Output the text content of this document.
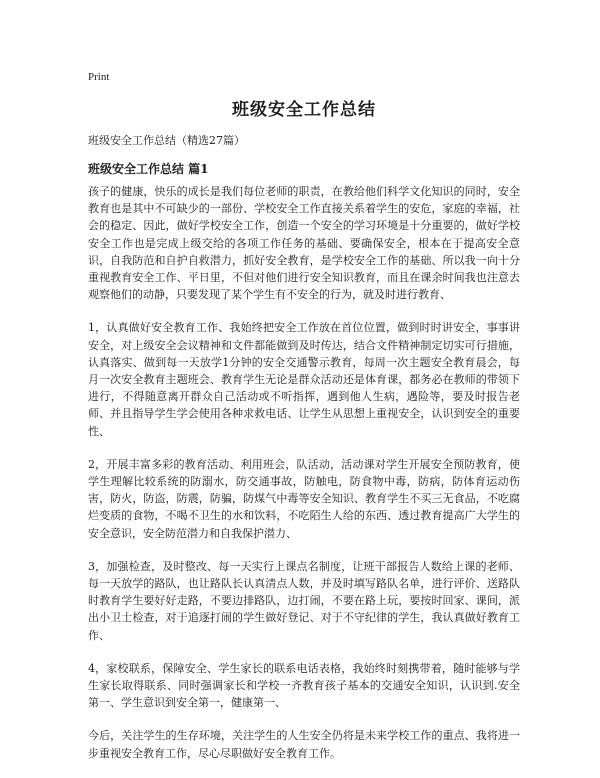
Print
班级安全工作总结
班级安全工作总结（精选27篇）
班级安全工作总结 篇1

孩子的健康，快乐的成长是我们每位老师的职责，在教给他们科学文化知识的同时，安全教育也是其中不可缺少的一部份、学校安全工作直接关系着学生的安危，家庭的幸福，社会的稳定、因此，做好学校安全工作，创造一个安全的学习环境是十分重要的，做好学校安全工作也是完成上级交给的各项工作任务的基础、要确保安全，根本在于提高安全意识，自我防范和自护自救潜力，抓好安全教育，是学校安全工作的基础、所以我一向十分重视教育安全工作、平日里，不但对他们进行安全知识教育，而且在课余时间我也注意去观察他们的动静，只要发现了某个学生有不安全的行为，就及时进行教育、

1，认真做好安全教育工作、我始终把安全工作放在首位位置，做到时时讲安全，事事讲安全，对上级安全会议精神和文件都能做到及时传达，结合文件精神制定切实可行措施，认真落实、做到每一天放学1分钟的安全交通警示教育，每周一次主题安全教育晨会，每月一次安全教育主题班会、教育学生无论是群众活动还是体育课，都务必在教师的带领下进行，不得随意离开群众自己活动或不听指挥，遇到他人生病，遇险等，要及时报告老师、并且指导学生学会使用各种求救电话、让学生从思想上重视安全，认识到安全的重要性、

2，开展丰富多彩的教育活动、利用班会，队活动，活动课对学生开展安全预防教育，使学生理解比较系统的防溺水，防交通事故，防触电，防食物中毒，防病，防体育运动伤害，防火，防盗，防震，防骗，防煤气中毒等安全知识、教育学生不买三无食品，不吃腐烂变质的食物，不喝不卫生的水和饮料，不吃陌生人给的东西、透过教育提高广大学生的安全意识，安全防范潜力和自我保护潜力、

3，加强检查，及时整改、每一天实行上课点名制度，让班干部报告人数给上课的老师、每一天放学的路队，也让路队长认真清点人数，并及时填写路队名单，进行评价、送路队时教育学生要好好走路，不要边排路队，边打闹，不要在路上玩，要按时回家、课间，派出小卫士检查，对于追逐打闹的学生做好登记、对于不守纪律的学生，我认真做好教育工作、

4，家校联系，保障安全、学生家长的联系电话表格，我始终时刻携带着，随时能够与学生家长取得联系、同时强调家长和学校一齐教育孩子基本的交通安全知识，认识到.安全第一、学生意识到安全第一，健康第一、

今后，关注学生的生存环境，关注学生的人生安全仍将是未来学校工作的重点、我将进一步重视安全教育工作，尽心尽职做好安全教育工作。
